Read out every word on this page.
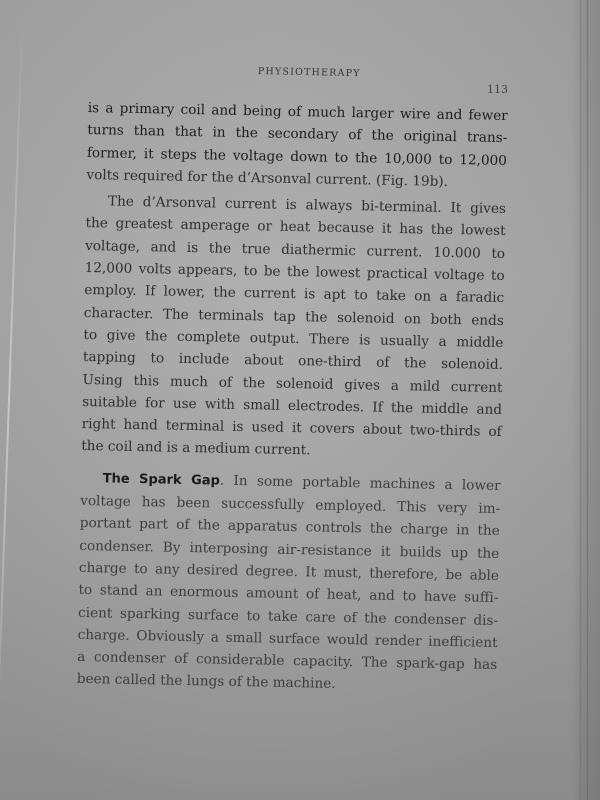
PHYSIOTHERAPY
113
is a primary coil and being of much larger wire and fewer
turns than that in the secondary of the original trans-
former, it steps the voltage down to the 10,000 to 12,000
volts required for the d’Arsonval current. (Fig. 19b).
The d’Arsonval current is always bi-terminal. It gives
the greatest amperage or heat because it has the lowest
voltage, and is the true diathermic current. 10.000 to
12,000 volts appears, to be the lowest practical voltage to
employ. If lower, the current is apt to take on a faradic
character. The terminals tap the solenoid on both ends
to give the complete output. There is usually a middle
tapping to include about one-third of the solenoid.
Using this much of the solenoid gives a mild current
suitable for use with small electrodes. If the middle and
right hand terminal is used it covers about two-thirds of
the coil and is a medium current.
The Spark Gap. In some portable machines a lower
voltage has been successfully employed. This very im-
portant part of the apparatus controls the charge in the
condenser. By interposing air-resistance it builds up the
charge to any desired degree. It must, therefore, be able
to stand an enormous amount of heat, and to have suffi-
cient sparking surface to take care of the condenser dis-
charge. Obviously a small surface would render inefficient
a condenser of considerable capacity. The spark-gap has
been called the lungs of the machine.
